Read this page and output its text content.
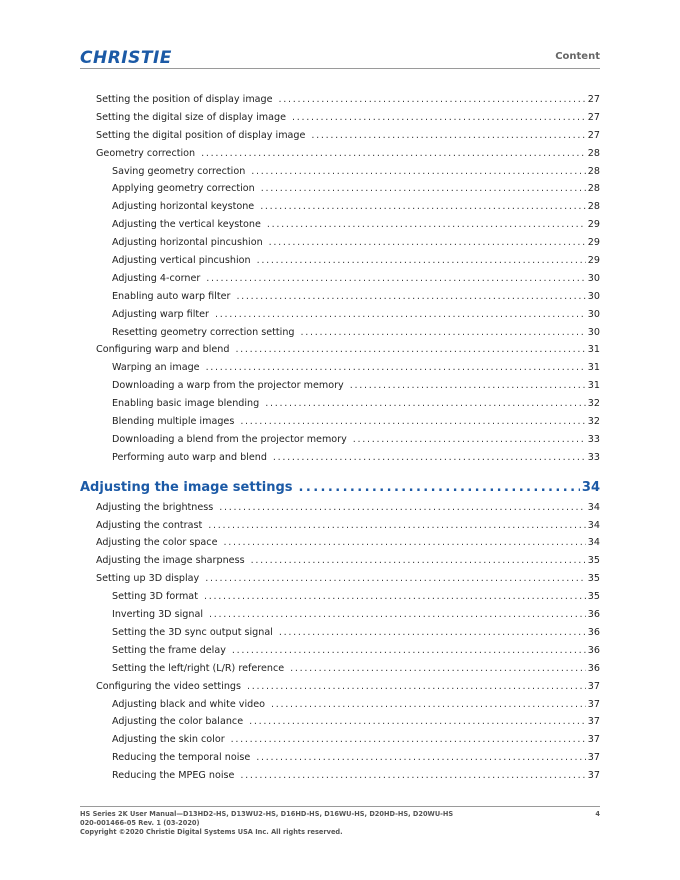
CHRISTIE	Content
Setting the position of display image .....	27
Setting the digital size of display image .....	27
Setting the digital position of display image .....	27
Geometry correction .....	28
Saving geometry correction .....	28
Applying geometry correction .....	28
Adjusting horizontal keystone .....	28
Adjusting the vertical keystone .....	29
Adjusting horizontal pincushion .....	29
Adjusting vertical pincushion .....	29
Adjusting 4-corner .....	30
Enabling auto warp filter .....	30
Adjusting warp filter .....	30
Resetting geometry correction setting .....	30
Configuring warp and blend .....	31
Warping an image .....	31
Downloading a warp from the projector memory .....	31
Enabling basic image blending .....	32
Blending multiple images .....	32
Downloading a blend from the projector memory .....	33
Performing auto warp and blend .....	33
Adjusting the image settings .....	34
Adjusting the brightness .....	34
Adjusting the contrast .....	34
Adjusting the color space .....	34
Adjusting the image sharpness .....	35
Setting up 3D display .....	35
Setting 3D format .....	35
Inverting 3D signal .....	36
Setting the 3D sync output signal .....	36
Setting the frame delay .....	36
Setting the left/right (L/R) reference .....	36
Configuring the video settings .....	37
Adjusting black and white video .....	37
Adjusting the color balance .....	37
Adjusting the skin color .....	37
Reducing the temporal noise .....	37
Reducing the MPEG noise .....	37
HS Series 2K User Manual—D13HD2-HS, D13WU2-HS, D16HD-HS, D16WU-HS, D20HD-HS, D20WU-HS
020-001466-05 Rev. 1 (03-2020)
Copyright ©2020 Christie Digital Systems USA Inc. All rights reserved.
4
